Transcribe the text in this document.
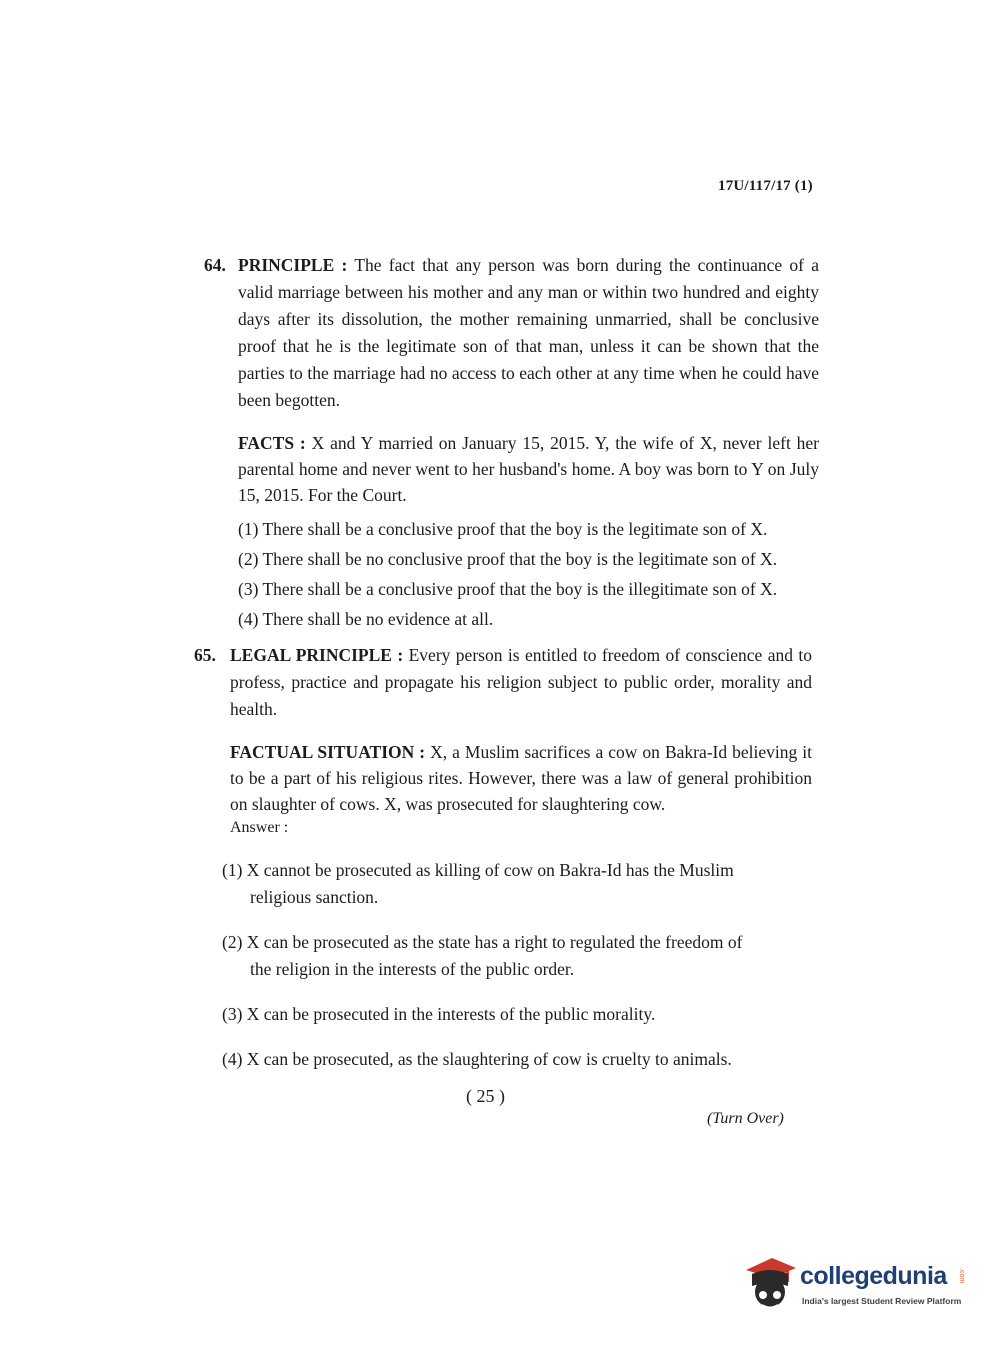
17U/117/17 (1)
64. PRINCIPLE : The fact that any person was born during the continuance of a valid marriage between his mother and any man or within two hundred and eighty days after its dissolution, the mother remaining unmarried, shall be conclusive proof that he is the legitimate son of that man, unless it can be shown that the parties to the marriage had no access to each other at any time when he could have been begotten.

FACTS : X and Y married on January 15, 2015. Y, the wife of X, never left her parental home and never went to her husband's home. A boy was born to Y on July 15, 2015. For the Court.

(1) There shall be a conclusive proof that the boy is the legitimate son of X.
(2) There shall be no conclusive proof that the boy is the legitimate son of X.
(3) There shall be a conclusive proof that the boy is the illegitimate son of X.
(4) There shall be no evidence at all.
65. LEGAL PRINCIPLE : Every person is entitled to freedom of conscience and to profess, practice and propagate his religion subject to public order, morality and health.

FACTUAL SITUATION : X, a Muslim sacrifices a cow on Bakra-Id believing it to be a part of his religious rites. However, there was a law of general prohibition on slaughter of cows. X, was prosecuted for slaughtering cow.

Answer :
(1) X cannot be prosecuted as killing of cow on Bakra-Id has the Muslim
religious sanction.
(2) X can be prosecuted as the state has a right to regulated the freedom of
the religion in the interests of the public order.
(3) X can be prosecuted in the interests of the public morality.
(4) X can be prosecuted, as the slaughtering of cow is cruelty to animals.
( 25 )
(Turn Over)
collegedunia .com
India's largest Student Review Platform
